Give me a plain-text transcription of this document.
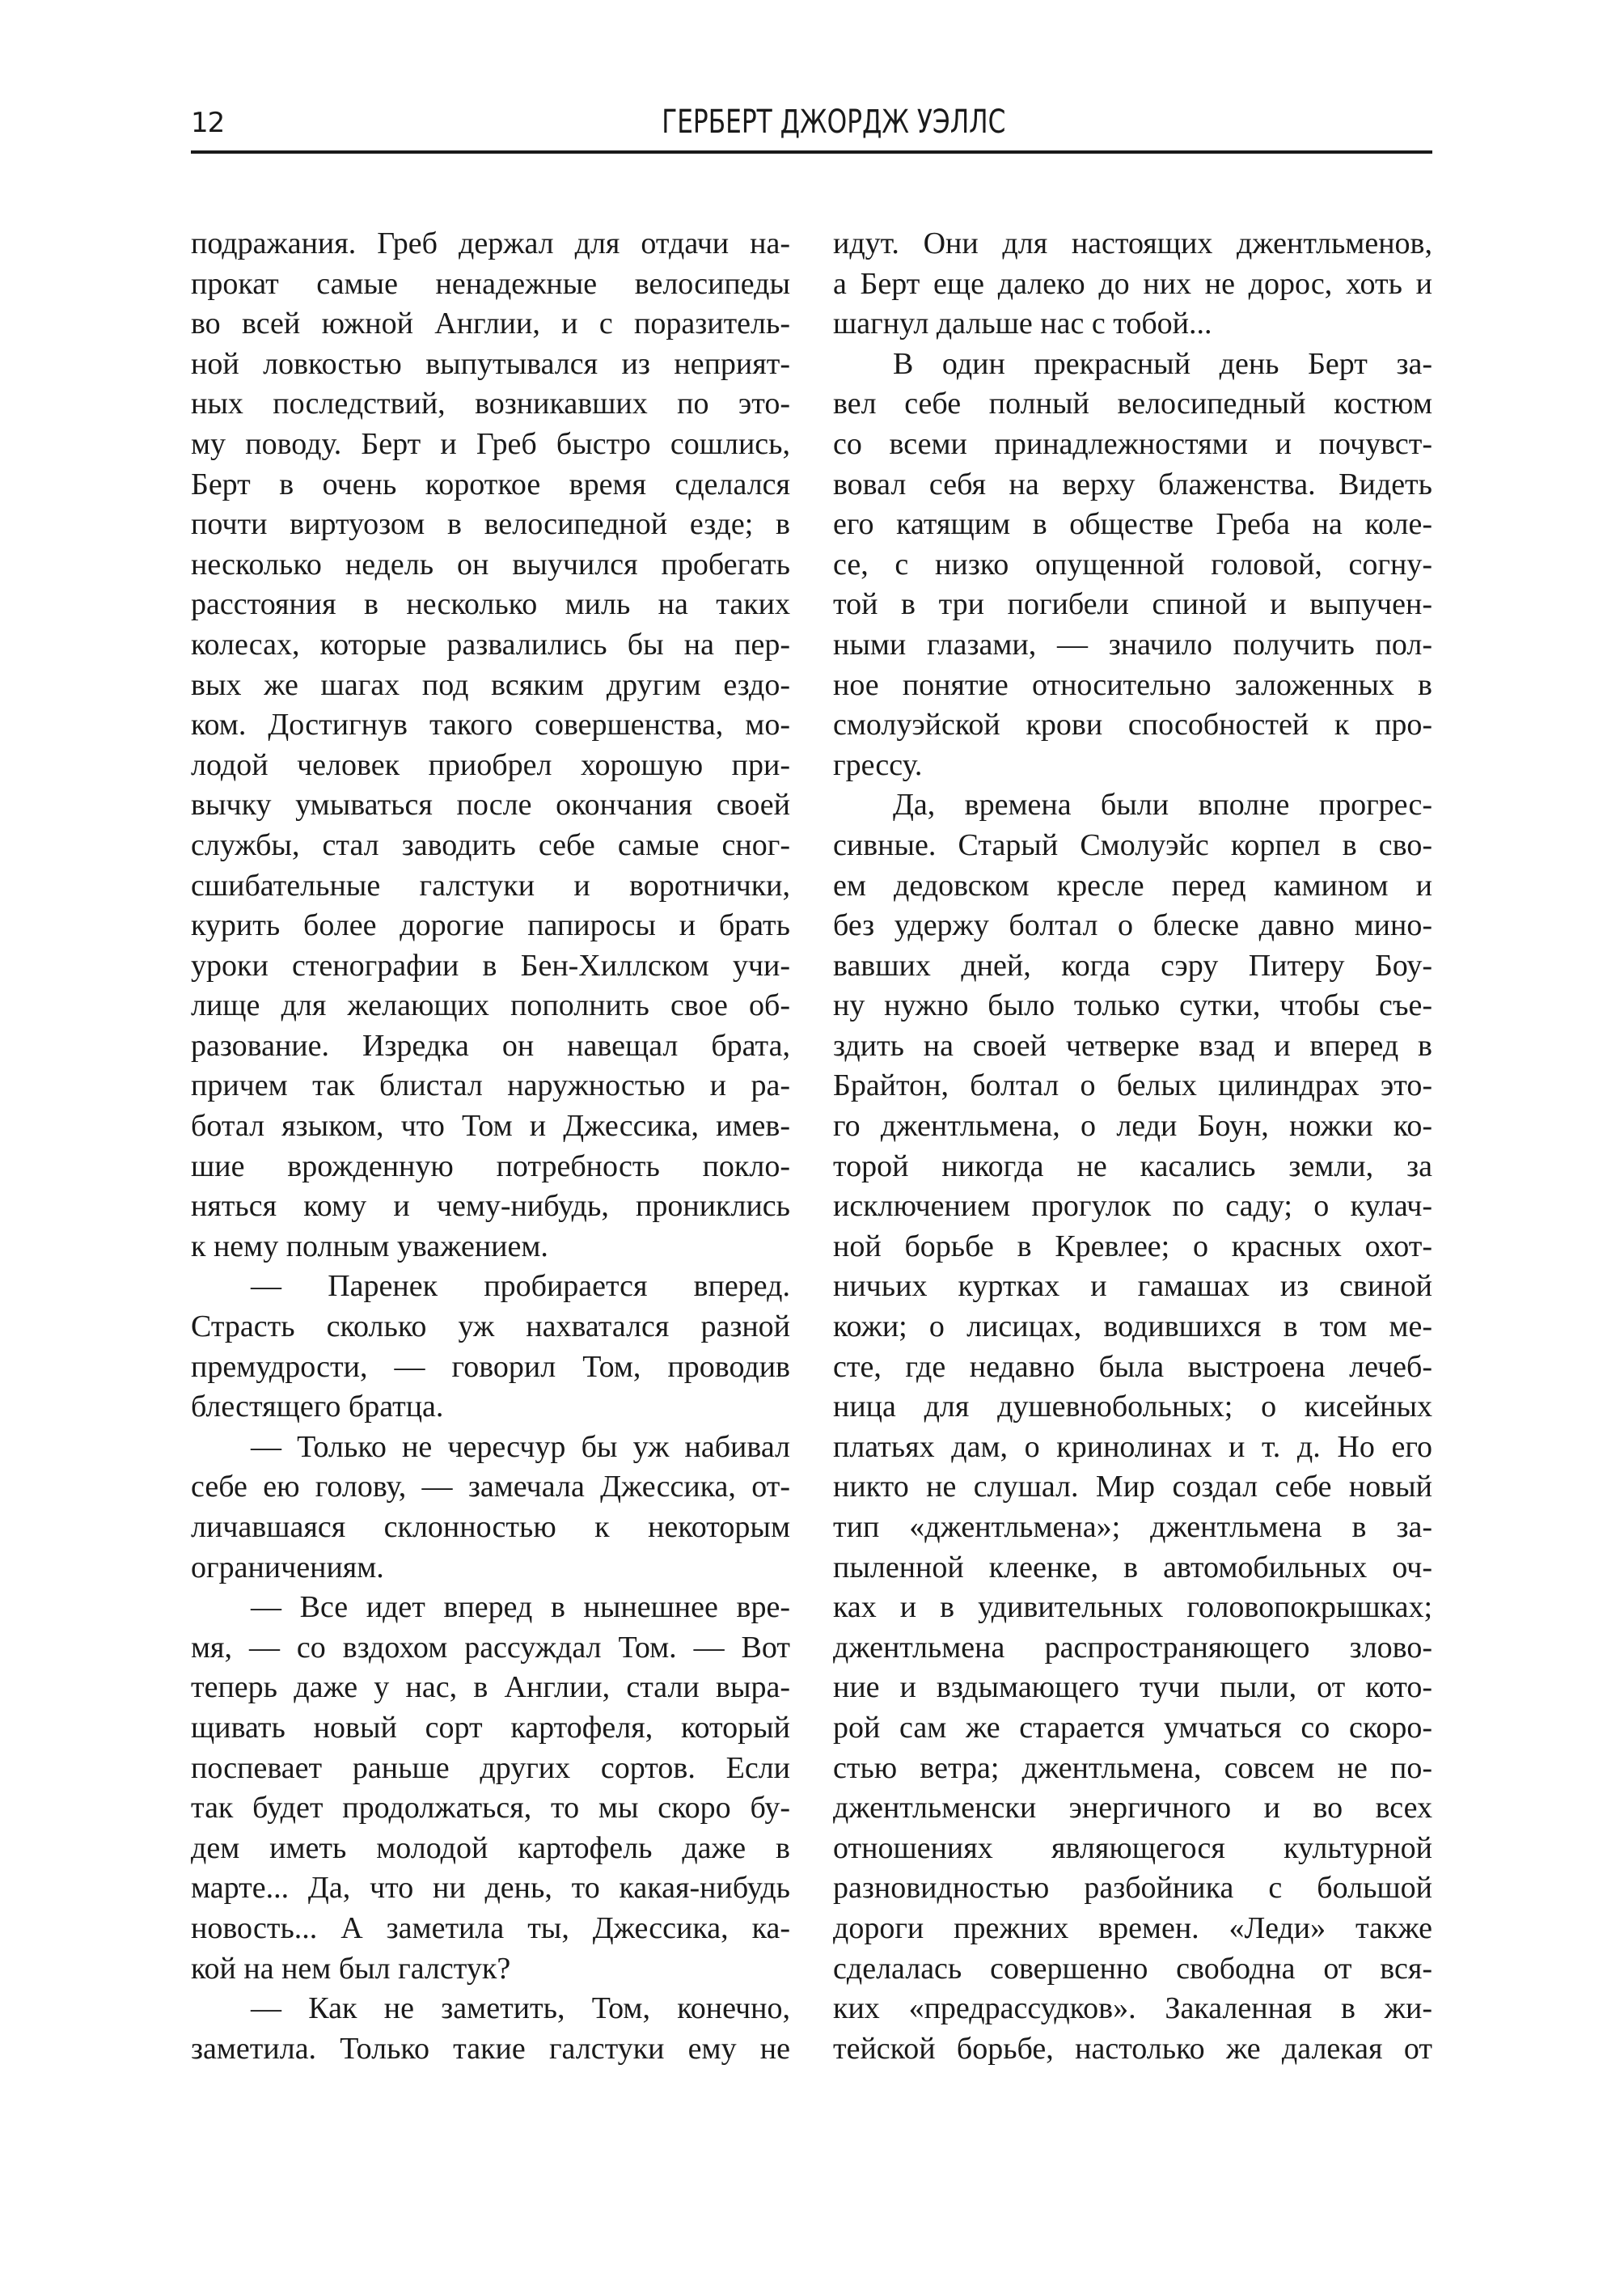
12	ГЕРБЕРТ ДЖОРДЖ УЭЛЛС
подражания. Греб держал для отдачи на-
прокат самые ненадежные велосипеды
во всей южной Англии, и с поразитель-
ной ловкостью выпутывался из неприят-
ных последствий, возникавших по это-
му поводу. Берт и Греб быстро сошлись,
Берт в очень короткое время сделался
почти виртуозом в велосипедной езде; в
несколько недель он выучился пробегать
расстояния в несколько миль на таких
колесах, которые развалились бы на пер-
вых же шагах под всяким другим ездо-
ком. Достигнув такого совершенства, мо-
лодой человек приобрел хорошую при-
вычку умываться после окончания своей
службы, стал заводить себе самые сног-
сшибательные галстуки и воротнички,
курить более дорогие папиросы и брать
уроки стенографии в Бен-Хиллском учи-
лище для желающих пополнить свое об-
разование. Изредка он навещал брата,
причем так блистал наружностью и ра-
ботал языком, что Том и Джессика, имев-
шие врожденную потребность покло-
няться кому и чему-нибудь, прониклись
к нему полным уважением.
— Паренек пробирается вперед.
Страсть сколько уж нахватался разной
премудрости, — говорил Том, проводив
блестящего братца.
— Только не чересчур бы уж набивал
себе ею голову, — замечала Джессика, от-
личавшаяся склонностью к некоторым
ограничениям.
— Все идет вперед в нынешнее вре-
мя, — со вздохом рассуждал Том. — Вот
теперь даже у нас, в Англии, стали выра-
щивать новый сорт картофеля, который
поспевает раньше других сортов. Если
так будет продолжаться, то мы скоро бу-
дем иметь молодой картофель даже в
марте... Да, что ни день, то какая-нибудь
новость... А заметила ты, Джессика, ка-
кой на нем был галстук?
— Как не заметить, Том, конечно,
заметила. Только такие галстуки ему не
идут. Они для настоящих джентльменов,
а Берт еще далеко до них не дорос, хоть и
шагнул дальше нас с тобой...
В один прекрасный день Берт за-
вел себе полный велосипедный костюм
со всеми принадлежностями и почувст-
вовал себя на верху блаженства. Видеть
его катящим в обществе Греба на коле-
се, с низко опущенной головой, согну-
той в три погибели спиной и выпучен-
ными глазами, — значило получить пол-
ное понятие относительно заложенных в
смолуэйской крови способностей к про-
грессу.
Да, времена были вполне прогрес-
сивные. Старый Смолуэйс корпел в сво-
ем дедовском кресле перед камином и
без удержу болтал о блеске давно мино-
вавших дней, когда сэру Питеру Боу-
ну нужно было только сутки, чтобы съе-
здить на своей четверке взад и вперед в
Брайтон, болтал о белых цилиндрах это-
го джентльмена, о леди Боун, ножки ко-
торой никогда не касались земли, за
исключением прогулок по саду; о кулач-
ной борьбе в Кревлее; о красных охот-
ничьих куртках и гамашах из свиной
кожи; о лисицах, водившихся в том ме-
сте, где недавно была выстроена лечеб-
ница для душевнобольных; о кисейных
платьях дам, о кринолинах и т. д. Но его
никто не слушал. Мир создал себе новый
тип «джентльмена»; джентльмена в за-
пыленной клеенке, в автомобильных оч-
ках и в удивительных головопокрышках;
джентльмена распространяющего злово-
ние и вздымающего тучи пыли, от кото-
рой сам же старается умчаться со скоро-
стью ветра; джентльмена, совсем не по-
джентльменски энергичного и во всех
отношениях являющегося культурной
разновидностью разбойника с большой
дороги прежних времен. «Леди» также
сделалась совершенно свободна от вся-
ких «предрассудков». Закаленная в жи-
тейской борьбе, настолько же далекая от
